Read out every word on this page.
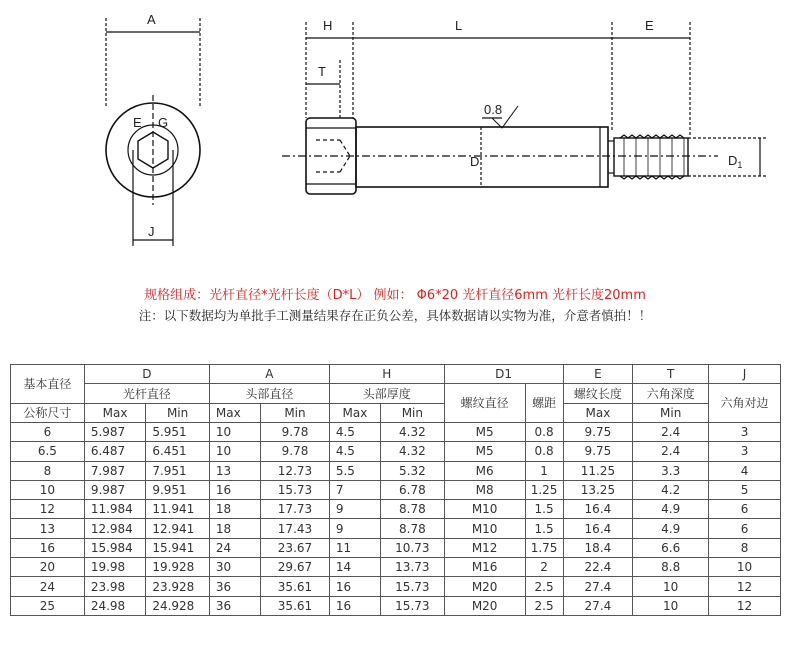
A	H	L	E
T
D	$D_1$
E G
J
0.8
规格组成：光杆直径*光杆长度（D*L） 例如： Φ6*20 光杆直径6mm 光杆长度20mm
注：以下数据均为单批手工测量结果存在正负公差，具体数据请以实物为准，介意者慎拍！！
基本直径	D		A		H		D1		E	T	J
	光杆直径		头部直径		头部厚度		螺纹直径	螺距	螺纹长度	六角深度	六角对边
公称尺寸	Max	Min	Max	Min	Max	Min			Max	Min	
6	5.987	5.951	10	9.78	4.5	4.32	M5	0.8	9.75	2.4	3
6.5	6.487	6.451	10	9.78	4.5	4.32	M5	0.8	9.75	2.4	3
8	7.987	7.951	13	12.73	5.5	5.32	M6	1	11.25	3.3	4
10	9.987	9.951	16	15.73	7	6.78	M8	1.25	13.25	4.2	5
12	11.984	11.941	18	17.73	9	8.78	M10	1.5	16.4	4.9	6
13	12.984	12.941	18	17.43	9	8.78	M10	1.5	16.4	4.9	6
16	15.984	15.941	24	23.67	11	10.73	M12	1.75	18.4	6.6	8
20	19.98	19.928	30	29.67	14	13.73	M16	2	22.4	8.8	10
24	23.98	23.928	36	35.61	16	15.73	M20	2.5	27.4	10	12
25	24.98	24.928	36	35.61	16	15.73	M20	2.5	27.4	10	12
